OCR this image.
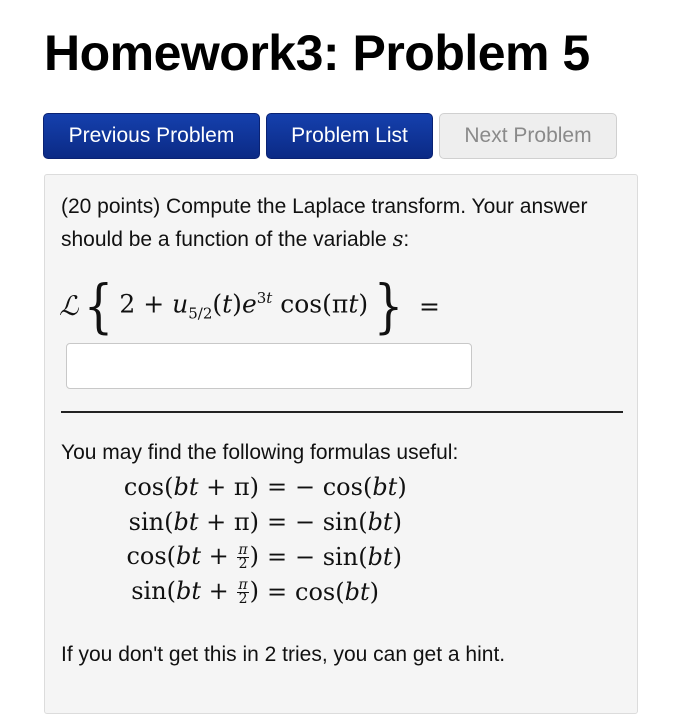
Homework3: Problem 5
Previous Problem	Problem List	Next Problem
(20 points) Compute the Laplace transform. Your answer should be a function of the variable s:
ℒ { $2 + u_{5/2}(t)e^{3t}$ cos(πt) } =
You may find the following formulas useful:
cos(bt + π) = − cos(bt)
sin(bt + π) = − sin(bt)
$\cos(bt + \frac{\pi}{2}$ ) = − sin(bt)
$\sin(bt + \frac{\pi}{2}$ ) = cos(bt)
If you don't get this in 2 tries, you can get a hint.
